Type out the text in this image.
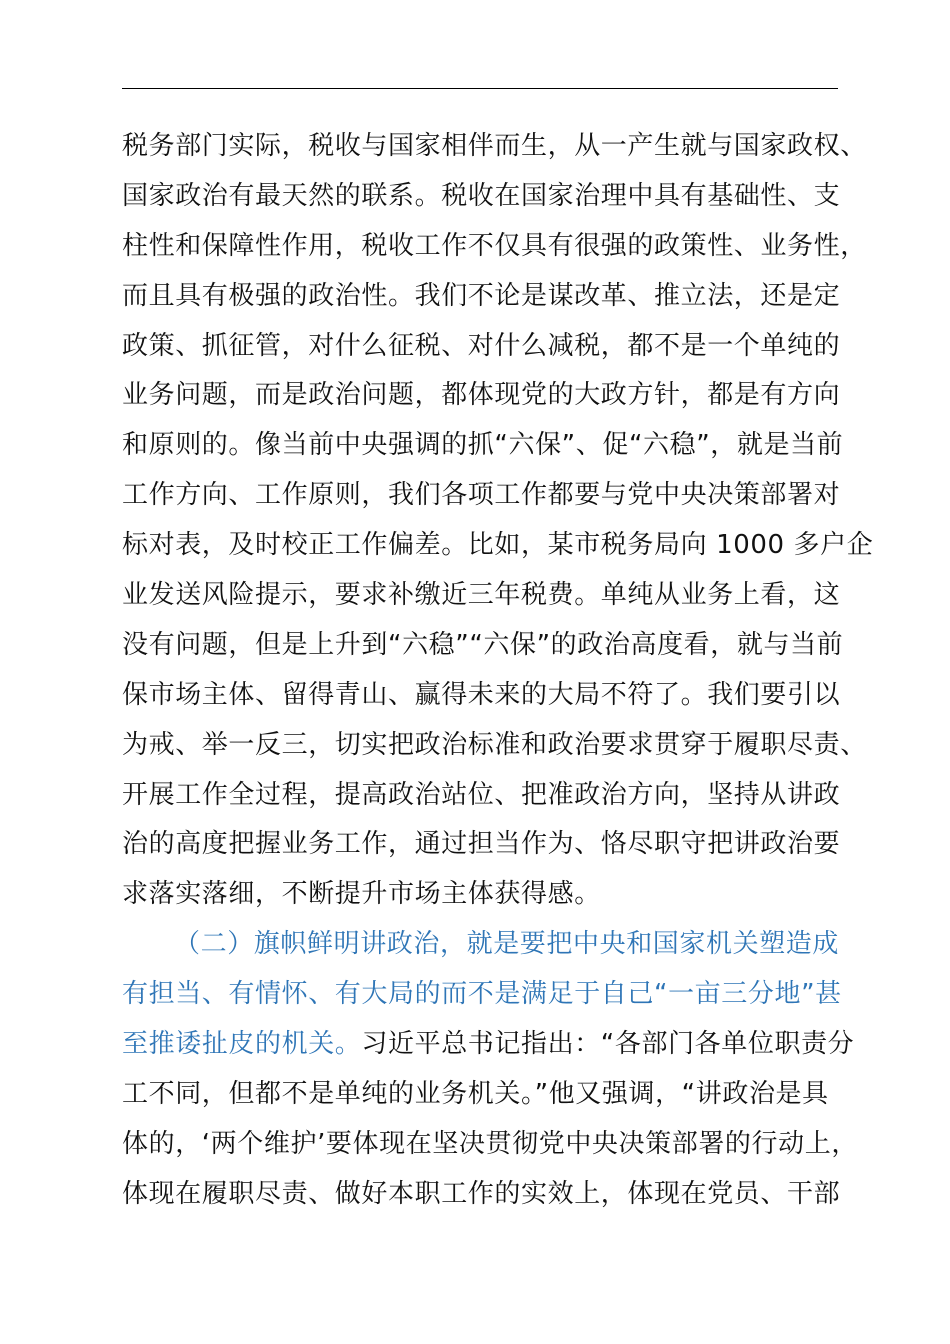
税务部门实际，税收与国家相伴而生，从一产生就与国家政权、
国家政治有最天然的联系。税收在国家治理中具有基础性、支
柱性和保障性作用，税收工作不仅具有很强的政策性、业务性，
而且具有极强的政治性。我们不论是谋改革、推立法，还是定
政策、抓征管，对什么征税、对什么减税，都不是一个单纯的
业务问题，而是政治问题，都体现党的大政方针，都是有方向
和原则的。像当前中央强调的抓“六保”、促“六稳”，就是当前
工作方向、工作原则，我们各项工作都要与党中央决策部署对
标对表，及时校正工作偏差。比如，某市税务局向 1000 多户企
业发送风险提示，要求补缴近三年税费。单纯从业务上看，这
没有问题，但是上升到“六稳”“六保”的政治高度看，就与当前
保市场主体、留得青山、赢得未来的大局不符了。我们要引以
为戒、举一反三，切实把政治标准和政治要求贯穿于履职尽责、
开展工作全过程，提高政治站位、把准政治方向，坚持从讲政
治的高度把握业务工作，通过担当作为、恪尽职守把讲政治要
求落实落细，不断提升市场主体获得感。
（二）旗帜鲜明讲政治，就是要把中央和国家机关塑造成
有担当、有情怀、有大局的而不是满足于自己“一亩三分地”甚
至推诿扯皮的机关。习近平总书记指出：“各部门各单位职责分
工不同，但都不是单纯的业务机关。”他又强调，“讲政治是具
体的，‘两个维护’要体现在坚决贯彻党中央决策部署的行动上，
体现在履职尽责、做好本职工作的实效上，体现在党员、干部
